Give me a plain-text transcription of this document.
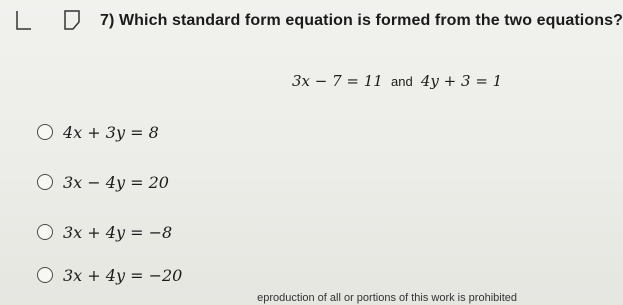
7) Which standard form equation is formed from the two equations?
3x − 7 = 11 and 4y + 3 = 1
4x + 3y = 8
3x − 4y = 20
3x + 4y = −8
3x + 4y = −20
eproduction of all or portions of this work is prohibited
